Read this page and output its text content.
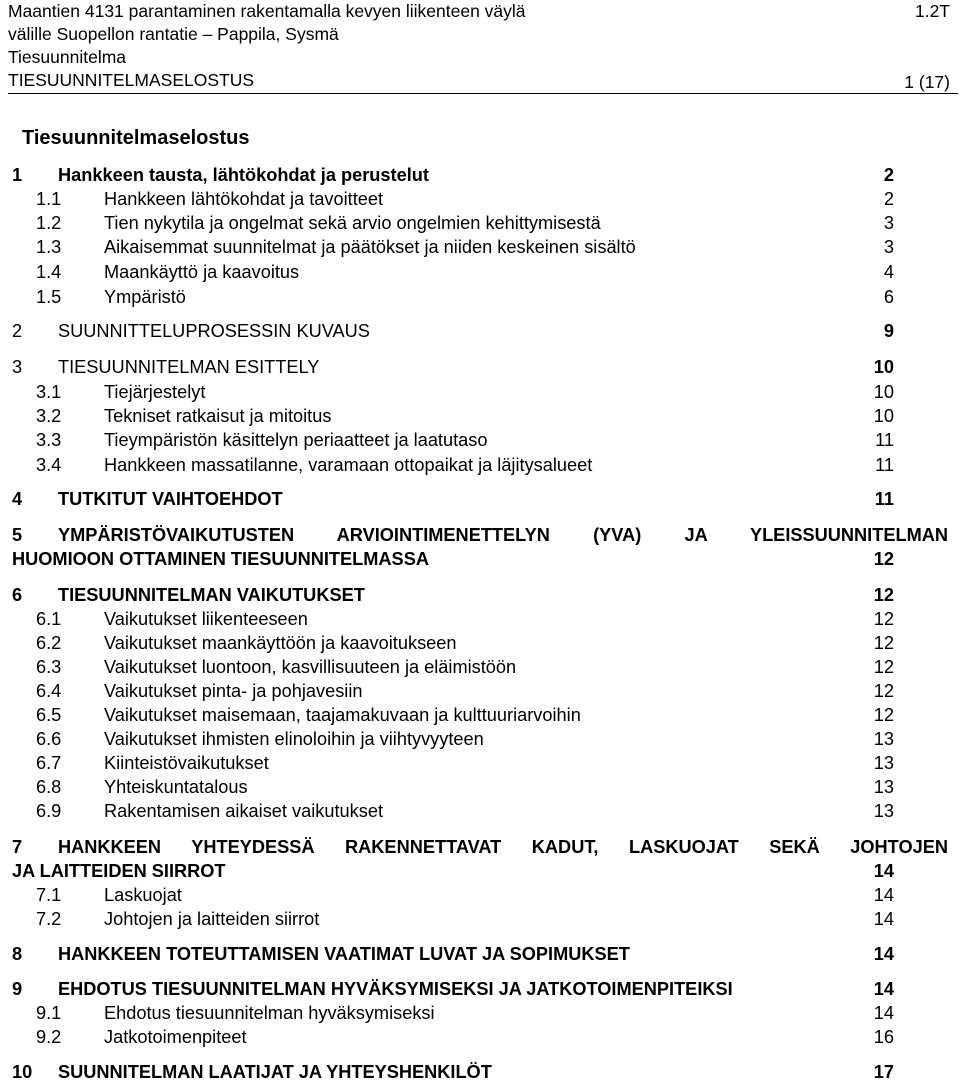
Maantien 4131 parantaminen rakentamalla kevyen liikenteen väylä	1.2T
välille Suopellon rantatie – Pappila, Sysmä
Tiesuunnitelma
TIESUUNNITELMASELOSTUS	1 (17)
Tiesuunnitelmaselostus
1 Hankkeen tausta, lähtökohdat ja perustelut	2
1.1 Hankkeen lähtökohdat ja tavoitteet	2
1.2 Tien nykytila ja ongelmat sekä arvio ongelmien kehittymisestä	3
1.3 Aikaisemmat suunnitelmat ja päätökset ja niiden keskeinen sisältö	3
1.4 Maankäyttö ja kaavoitus	4
1.5 Ympäristö	6
2 SUUNNITTELUPROSESSIN KUVAUS	9
3 TIESUUNNITELMAN ESITTELY	10
3.1 Tiejärjestelyt	10
3.2 Tekniset ratkaisut ja mitoitus	10
3.3 Tieympäristön käsittelyn periaatteet ja laatutaso	11
3.4 Hankkeen massatilanne, varamaan ottopaikat ja läjitysalueet	11
4 TUTKITUT VAIHTOEHDOT	11
5 YMPÄRISTÖVAIKUTUSTEN ARVIOINTIMENETTELYN (YVA) JA YLEISSUUNNITELMAN
HUOMIOON OTTAMINEN TIESUUNNITELMASSA	12
6 TIESUUNNITELMAN VAIKUTUKSET	12
6.1 Vaikutukset liikenteeseen	12
6.2 Vaikutukset maankäyttöön ja kaavoitukseen	12
6.3 Vaikutukset luontoon, kasvillisuuteen ja eläimistöön	12
6.4 Vaikutukset pinta- ja pohjavesiin	12
6.5 Vaikutukset maisemaan, taajamakuvaan ja kulttuuriarvoihin	12
6.6 Vaikutukset ihmisten elinoloihin ja viihtyvyyteen	13
6.7 Kiinteistövaikutukset	13
6.8 Yhteiskuntatalous	13
6.9 Rakentamisen aikaiset vaikutukset	13
7 HANKKEEN YHTEYDESSÄ RAKENNETTAVAT KADUT, LASKUOJAT SEKÄ JOHTOJEN
JA LAITTEIDEN SIIRROT	14
7.1 Laskuojat	14
7.2 Johtojen ja laitteiden siirrot	14
8 HANKKEEN TOTEUTTAMISEN VAATIMAT LUVAT JA SOPIMUKSET	14
9 EHDOTUS TIESUUNNITELMAN HYVÄKSYMISEKSI JA JATKOTOIMENPITEIKSI	14
9.1 Ehdotus tiesuunnitelman hyväksymiseksi	14
9.2 Jatkotoimenpiteet	16
10 SUUNNITELMAN LAATIJAT JA YHTEYSHENKILÖT	17
